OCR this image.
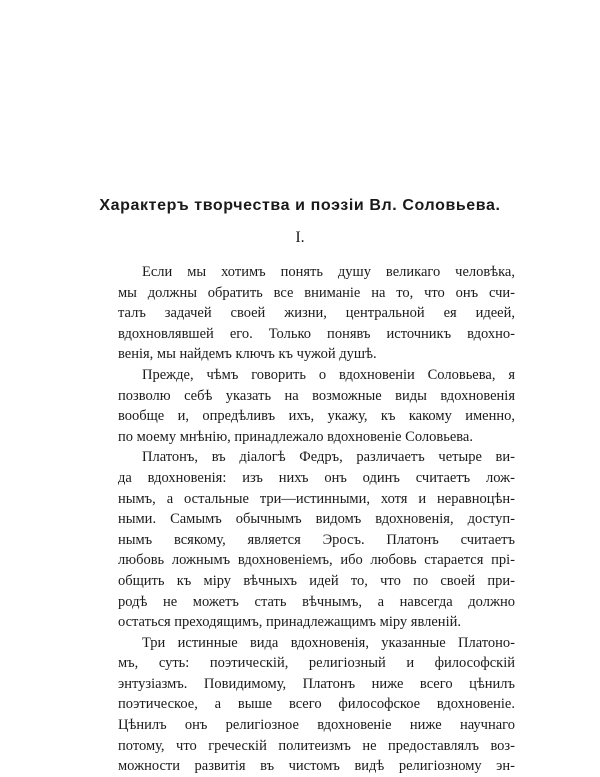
Характеръ творчества и поэзіи Вл. Соловьева.
I.
Если мы хотимъ понять душу великаго человѣка,
мы должны обратить все вниманіе на то, что онъ счи-
талъ задачей своей жизни, центральной ея идеей,
вдохновлявшей его. Только понявъ источникъ вдохно-
венія, мы найдемъ ключъ къ чужой душѣ.
Прежде, чѣмъ говорить о вдохновеніи Соловьева, я
позволю себѣ указать на возможные виды вдохновенія
вообще и, опредѣливъ ихъ, укажу, къ какому именно,
по моему мнѣнію, принадлежало вдохновеніе Соловьева.
Платонъ, въ діалогѣ Федръ, различаетъ четыре ви-
да вдохновенія: изъ нихъ онъ одинъ считаетъ лож-
нымъ, а остальные три—истинными, хотя и неравноцѣн-
ными. Самымъ обычнымъ видомъ вдохновенія, доступ-
нымъ всякому, является Эросъ. Платонъ считаетъ
любовь ложнымъ вдохновеніемъ, ибо любовь старается прі-
общить къ міру вѣчныхъ идей то, что по своей при-
родѣ не можетъ стать вѣчнымъ, а навсегда должно
остаться преходящимъ, принадлежащимъ міру явленій.
Три истинные вида вдохновенія, указанные Платоно-
мъ, суть: поэтическій, религіозный и философскій
энтузіазмъ. Повидимому, Платонъ ниже всего цѣнилъ
поэтическое, а выше всего философское вдохновеніе.
Цѣнилъ онъ религіозное вдохновеніе ниже научнаго
потому, что греческій политеизмъ не предоставлялъ воз-
можности развитія въ чистомъ видѣ религіозному эн-
